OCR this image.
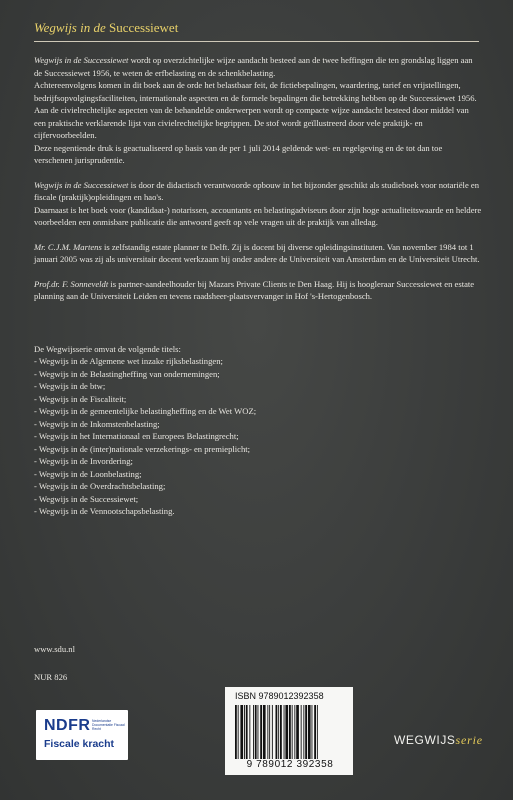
Wegwijs in de Successiewet

Wegwijs in de Successiewet wordt op overzichtelijke wijze aandacht besteed aan de twee heffingen die ten grondslag liggen aan de Successiewet 1956, te weten de erfbelasting en de schenkbelasting.

Achtereenvolgens komen in dit boek aan de orde het belastbaar feit, de fictiebepalingen, waardering, tarief en vrijstellingen, bedrijfsopvolgingsfaciliteiten, internationale aspecten en de formele bepalingen die betrekking hebben op de Successiewet 1956.

Aan de civielrechtelijke aspecten van de behandelde onderwerpen wordt op compacte wijze aandacht besteed door middel van een praktische verklarende lijst van civielrechtelijke begrippen. De stof wordt geïllustreerd door vele praktijk- en cijfervoorbeelden.

Deze negentiende druk is geactualiseerd op basis van de per 1 juli 2014 geldende wet- en regelgeving en de tot dan toe verschenen jurisprudentie.

Wegwijs in de Successiewet is door de didactisch verantwoorde opbouw in het bijzonder geschikt als studieboek voor notariële en fiscale (praktijk)opleidingen en hao's.

Daarnaast is het boek voor (kandidaat-) notarissen, accountants en belastingadviseurs door zijn hoge actualiteitswaarde en heldere voorbeelden een onmisbare publicatie die antwoord geeft op vele vragen uit de praktijk van alledag.

Mr. C.J.M. Martens is zelfstandig estate planner te Delft. Zij is docent bij diverse opleidingsinstituten. Van november 1984 tot 1 januari 2005 was zij als universitair docent werkzaam bij onder andere de Universiteit van Amsterdam en de Universiteit Utrecht.

Prof.dr. F. Sonneveldt is partner-aandeelhouder bij Mazars Private Clients te Den Haag. Hij is hoogleraar Successiewet en estate planning aan de Universiteit Leiden en tevens raadsheer-plaatsvervanger in Hof 's-Hertogenbosch.

De Wegwijsserie omvat de volgende titels:
- Wegwijs in de Algemene wet inzake rijksbelastingen;
- Wegwijs in de Belastingheffing van ondernemingen;
- Wegwijs in de btw;
- Wegwijs in de Fiscaliteit;
- Wegwijs in de gemeentelijke belastingheffing en de Wet WOZ;
- Wegwijs in de Inkomstenbelasting;
- Wegwijs in het Internationaal en Europees Belastingrecht;
- Wegwijs in de (inter)nationale verzekerings- en premieplicht;
- Wegwijs in de Invordering;
- Wegwijs in de Loonbelasting;
- Wegwijs in de Overdrachtsbelasting;
- Wegwijs in de Successiewet;
- Wegwijs in de Vennootschapsbelasting.
www.sdu.nl
NUR 826
NDFR Nederlandse Documentatie Fiscaal Recht
Fiscale kracht
ISBN 9789012392358
9 789012 392358
WEGWIJSserie
